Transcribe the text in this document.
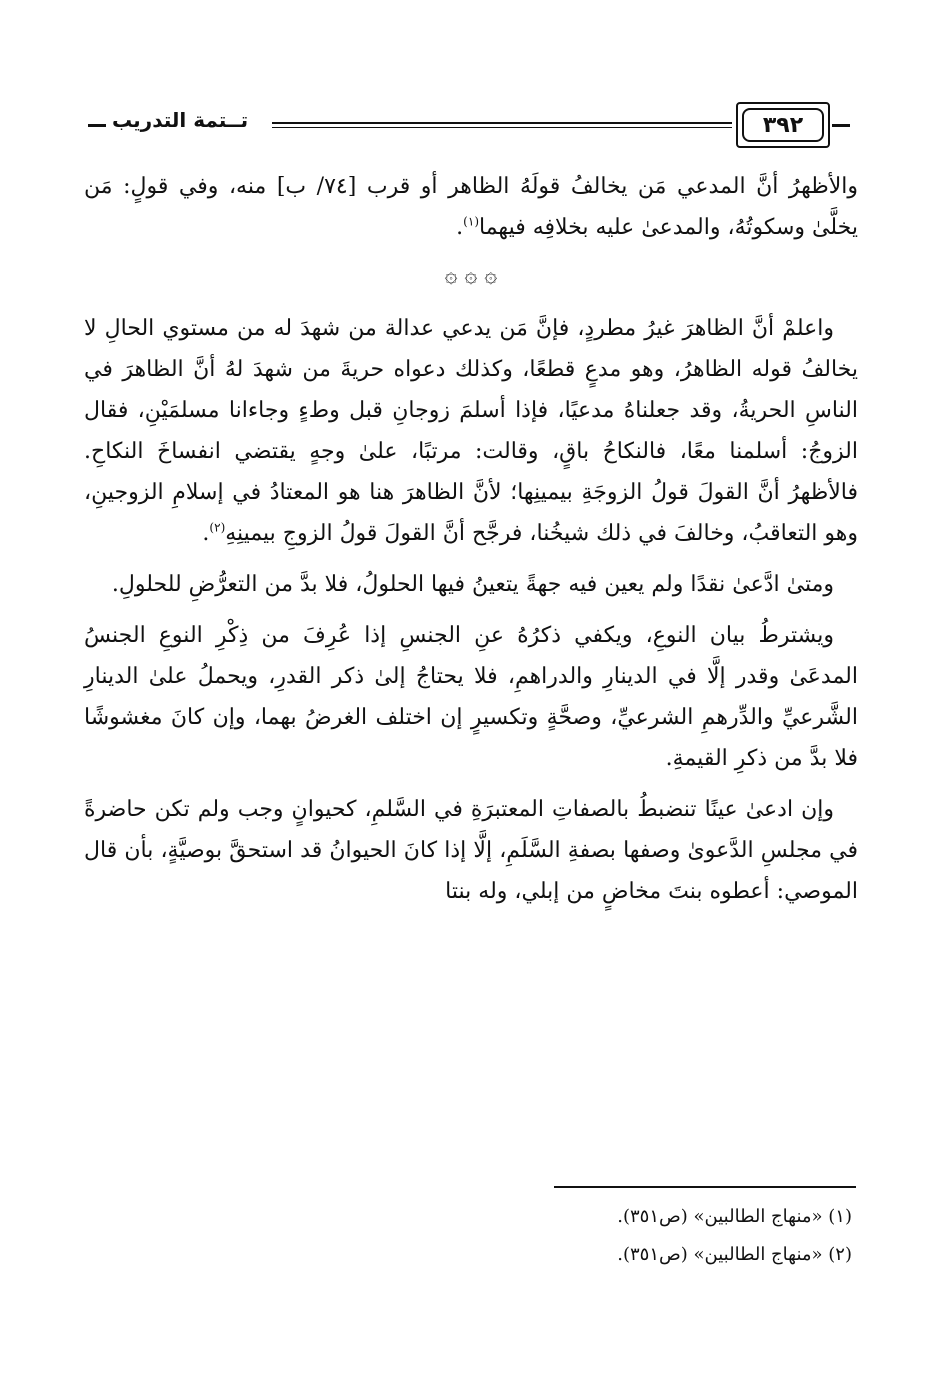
٣٩٢
تــتمة التدريب

والأظهرُ أنَّ المدعي مَن يخالفُ قولَهُ الظاهر أو قرب [٧٤/ ب] منه، وفي قولٍ: مَن يخلَّىٰ وسكوتُهُ، والمدعىٰ عليه بخلافِه فيهما$^{(١)}$.

۞ ۞ ۞

واعلمْ أنَّ الظاهرَ غيرُ مطردٍ، فإنَّ مَن يدعي عدالة من شهدَ له من مستوي الحالِ لا يخالفُ قوله الظاهرُ، وهو مدعٍ قطعًا، وكذلك دعواه حريةَ من شهدَ لهُ أنَّ الظاهرَ في الناسِ الحريةُ، وقد جعلناهُ مدعيًا، فإذا أسلمَ زوجانِ قبل وطءٍ وجاءانا مسلمَيْنِ، فقال الزوجُ: أسلمنا معًا، فالنكاحُ باقٍ، وقالت: مرتبًا، علىٰ وجهٍ يقتضي انفساخَ النكاحِ. فالأظهرُ أنَّ القولَ قولُ الزوجَةِ بيمينِها؛ لأنَّ الظاهرَ هنا هو المعتادُ في إسلامِ الزوجينِ، وهو التعاقبُ، وخالفَ في ذلك شيخُنا، فرجَّح أنَّ القولَ قولُ الزوجِ بيمينِهِ$^{(٢)}$.

ومتىٰ ادَّعىٰ نقدًا ولم يعين فيه جهةً يتعينُ فيها الحلولُ، فلا بدَّ من التعرُّضِ للحلولِ.

ويشترطُ بيان النوعِ، ويكفي ذكرُهُ عنِ الجنسِ إذا عُرِفَ من ذِكْرِ النوعِ الجنسُ المدعَىٰ وقدر إلَّا في الدينارِ والدراهمِ، فلا يحتاجُ إلىٰ ذكر القدرِ، ويحملُ علىٰ الدينارِ الشَّرعيِّ والدِّرهمِ الشرعيِّ، وصحَّةٍ وتكسيرٍ إن اختلف الغرضُ بهما، وإن كانَ مغشوشًا فلا بدَّ من ذكرِ القيمةِ.

وإن ادعىٰ عينًا تنضبطُ بالصفاتِ المعتبرَةِ في السَّلمِ، كحيوانٍ وجب ولم تكن حاضرةً في مجلسِ الدَّعوىٰ وصفها بصفةِ السَّلَمِ، إلَّا إذا كانَ الحيوانُ قد استحقَّ بوصيَّةٍ، بأن قال الموصي: أعطوه بنتَ مخاضٍ من إبلي، وله بنتا

(١) «منهاج الطالبين» (ص٣٥١).
(٢) «منهاج الطالبين» (ص٣٥١).
